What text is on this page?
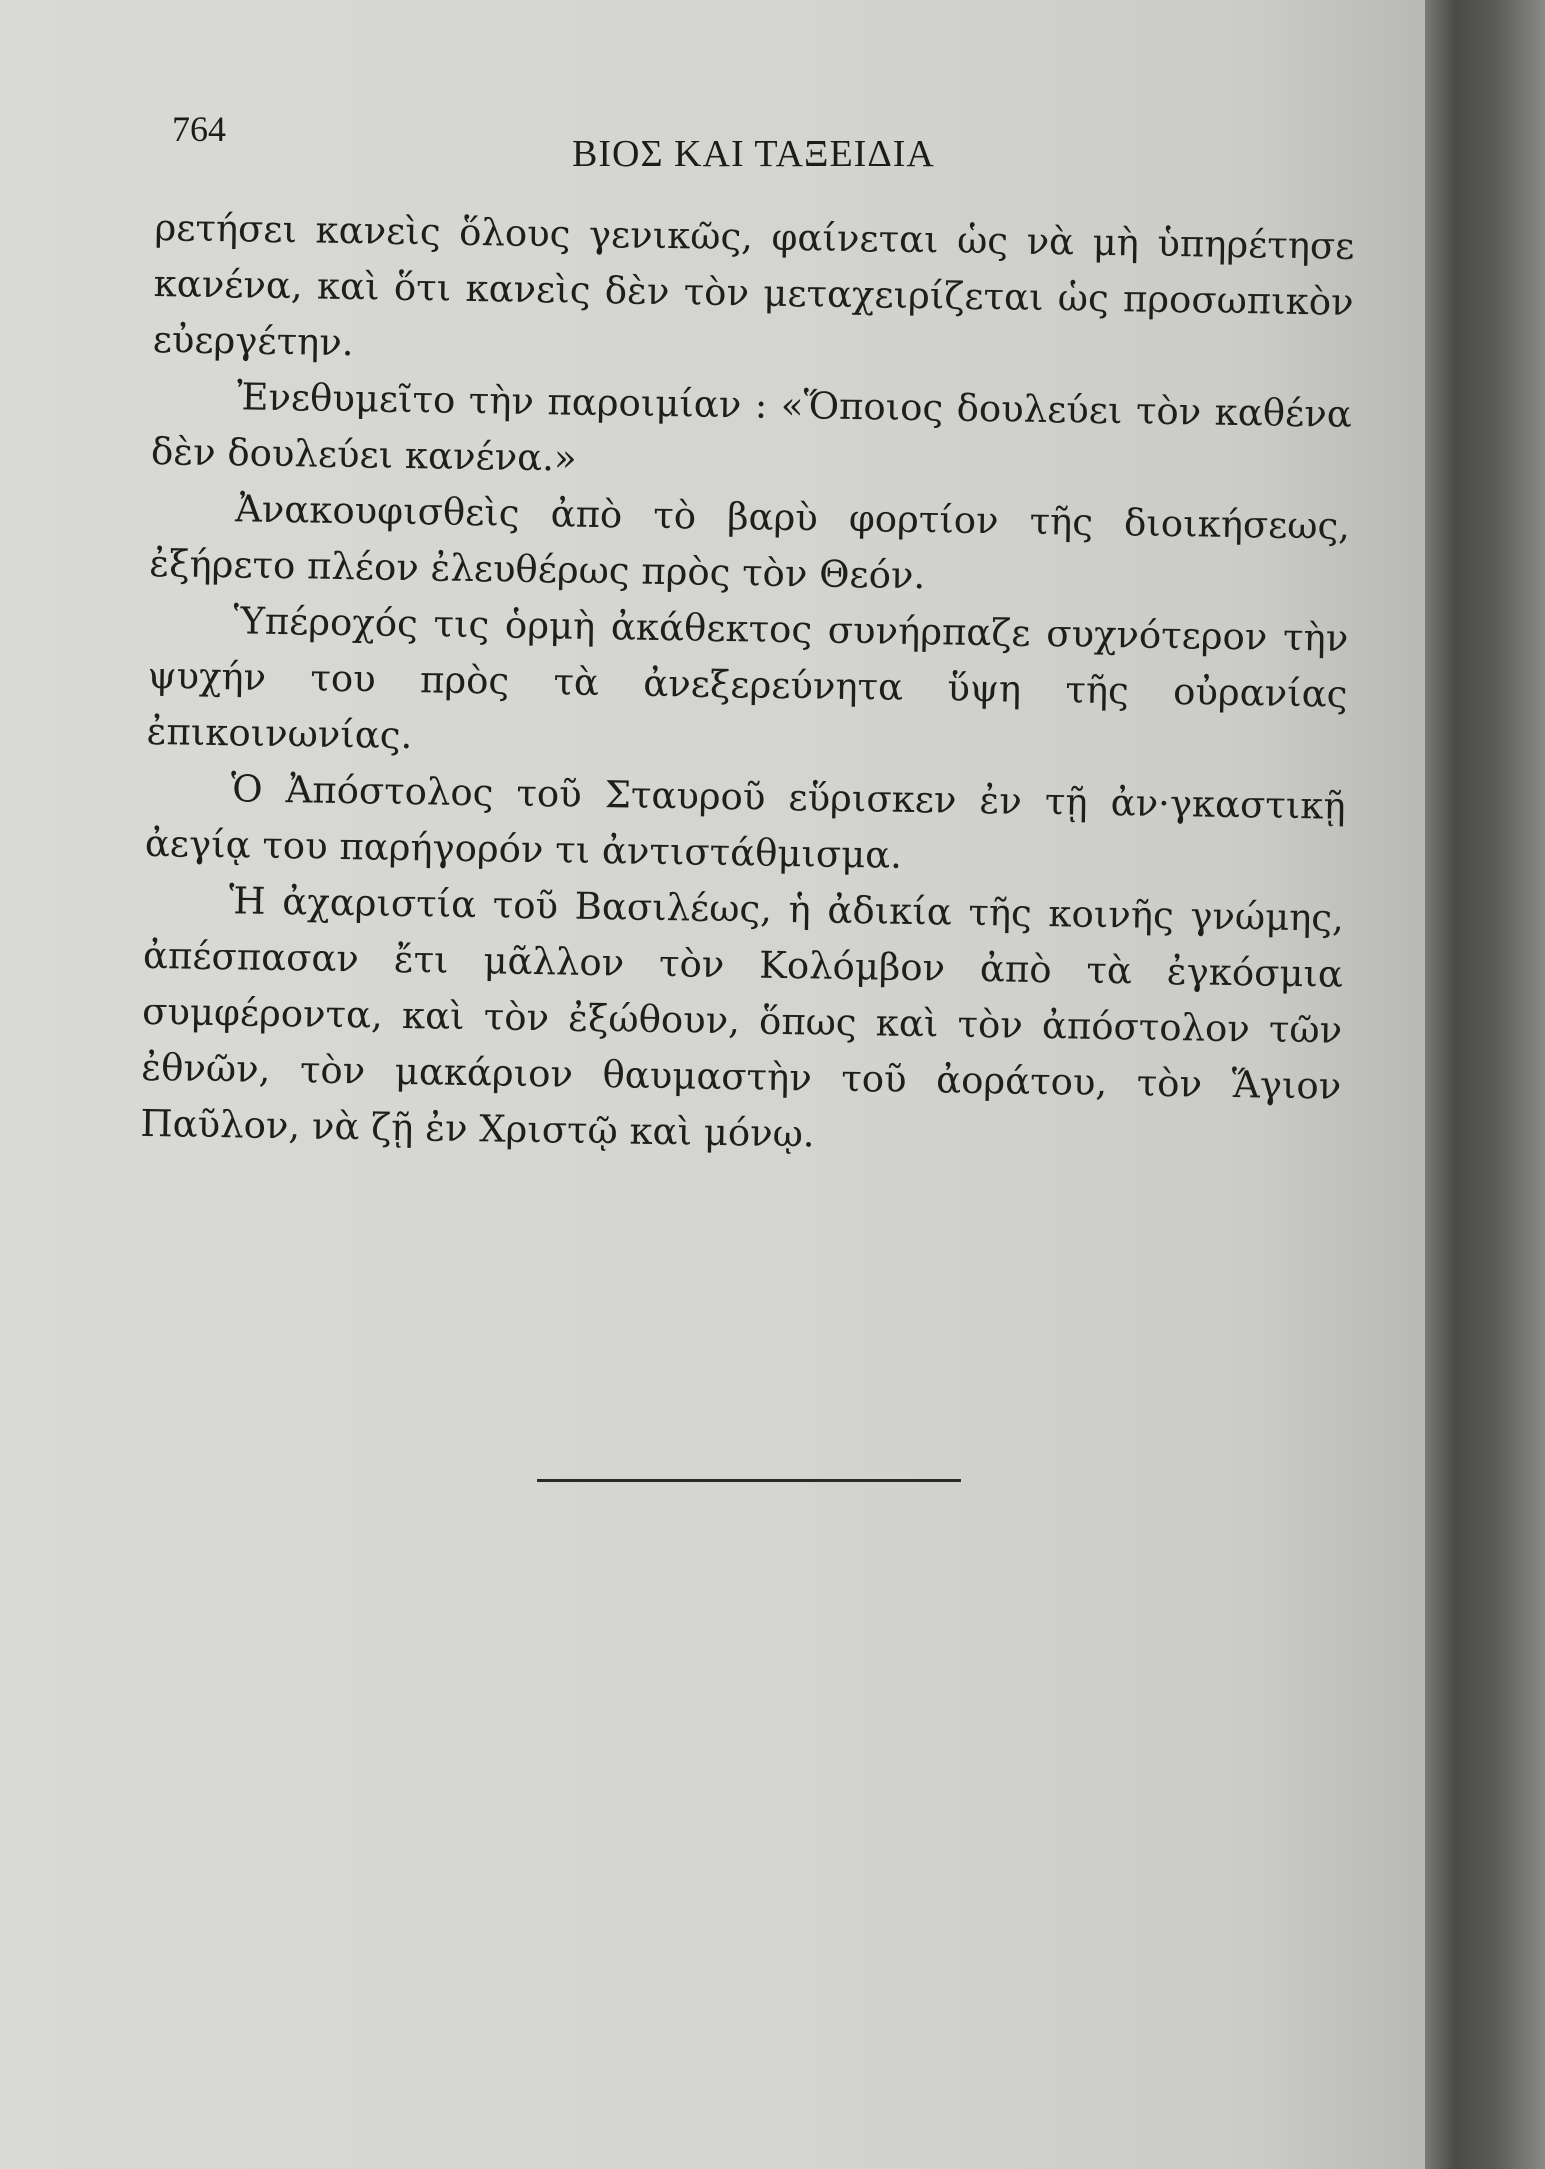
764
ΒΙΟΣ ΚΑΙ ΤΑΞΕΙΔΙΑ

ρετήσει κανεὶς ὅλους γενικῶς, φαίνεται ὡς νὰ μὴ ὑπηρέτησε κανένα, καὶ ὅτι κανεὶς δὲν τὸν μεταχειρίζεται ὡς προσωπικὸν εὐεργέτην.

Ἐνεθυμεῖτο τὴν παροιμίαν : «Ὅποιος δουλεύει τὸν καθένα δὲν δουλεύει κανένα.»

Ἀνακουφισθεὶς ἀπὸ τὸ βαρὺ φορτίον τῆς διοικήσεως, ἐξήρετο πλέον ἐλευθέρως πρὸς τὸν Θεόν.

Ὑπέροχός τις ὁρμὴ ἀκάθεκτος συνήρπαζε συχνότερον τὴν ψυχήν του πρὸς τὰ ἀνεξερεύνητα ὕψη τῆς οὐρανίας ἐπικοινωνίας.

Ὁ Ἀπόστολος τοῦ Σταυροῦ εὕρισκεν ἐν τῇ ἀν·γκαστικῇ ἀεγίᾳ του παρήγορόν τι ἀντιστάθμισμα.

Ἡ ἀχαριστία τοῦ Βασιλέως, ἡ ἀδικία τῆς κοινῆς γνώμης, ἀπέσπασαν ἔτι μᾶλλον τὸν Κολόμβον ἀπὸ τὰ ἐγκόσμια συμφέροντα, καὶ τὸν ἐξώθουν, ὅπως καὶ τὸν ἀπόστολον τῶν ἐθνῶν, τὸν μακάριον θαυμαστὴν τοῦ ἀοράτου, τὸν Ἅγιον Παῦλον, νὰ ζῇ ἐν Χριστῷ καὶ μόνῳ.
